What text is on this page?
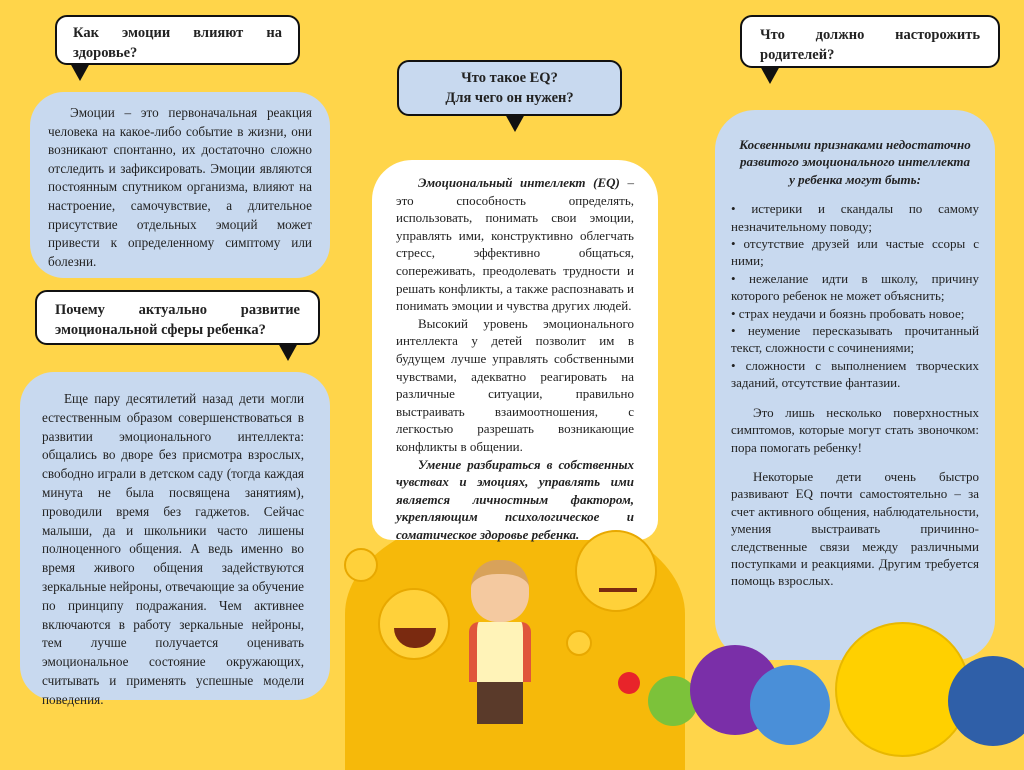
Как эмоции влияют на здоровье?

Эмоции – это первоначальная реакция человека на какое-либо событие в жизни, они возникают спонтанно, их достаточно сложно отследить и зафиксировать. Эмоции являются постоянным спутником организма, влияют на настроение, самочувствие, а длительное присутствие отдельных эмоций может привести к определенному симптому или болезни.

Почему актуально развитие эмоциональной сферы ребенка?

Еще пару десятилетий назад дети могли естественным образом совершенствоваться в развитии эмоционального интеллекта: общались во дворе без присмотра взрослых, свободно играли в детском саду (тогда каждая минута не была посвящена занятиям), проводили время без гаджетов. Сейчас малыши, да и школьники часто лишены полноценного общения. А ведь именно во время живого общения задействуются зеркальные нейроны, отвечающие за обучение по принципу подражания. Чем активнее включаются в работу зеркальные нейроны, тем лучше получается оценивать эмоциональное состояние окружающих, считывать и применять успешные модели поведения.

Что такое EQ?
Для чего он нужен?

Эмоциональный интеллект (EQ) – это способность определять, использовать, понимать свои эмоции, управлять ими, конструктивно облегчать стресс, эффективно общаться, сопереживать, преодолевать трудности и решать конфликты, а также распознавать и понимать эмоции и чувства других людей.

Высокий уровень эмоционального интеллекта у детей позволит им в будущем лучше управлять собственными чувствами, адекватно реагировать на различные ситуации, правильно выстраивать взаимоотношения, с легкостью разрешать возникающие конфликты в общении.

Умение разбираться в собственных чувствах и эмоциях, управлять ими является личностным фактором, укрепляющим психологическое и соматическое здоровье ребенка.

Что должно насторожить родителей?
Косвенными признаками недостаточно развитого эмоционального интеллекта у ребенка могут быть:
• истерики и скандалы по самому незначительному поводу;
• отсутствие друзей или частые ссоры с ними;
• нежелание идти в школу, причину которого ребенок не может объяснить;
• страх неудачи и боязнь пробовать новое;
• неумение пересказывать прочитанный текст, сложности с сочинениями;
• сложности с выполнением творческих заданий, отсутствие фантазии.

Это лишь несколько поверхностных симптомов, которые могут стать звоночком: пора помогать ребенку!

Некоторые дети очень быстро развивают EQ почти самостоятельно – за счет активного общения, наблюдательности, умения выстраивать причинно-следственные связи между различными поступками и реакциями. Другим требуется помощь взрослых.
